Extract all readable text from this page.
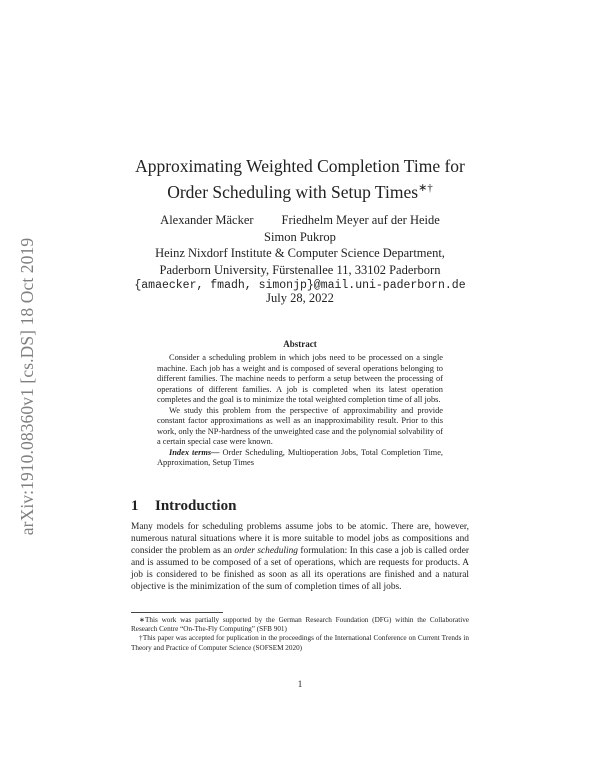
arXiv:1910.08360v1 [cs.DS] 18 Oct 2019
Approximating Weighted Completion Time for
Order Scheduling with Setup Times∗†
Alexander Mäcker Friedhelm Meyer auf der Heide
Simon Pukrop
Heinz Nixdorf Institute & Computer Science Department,
Paderborn University, Fürstenallee 11, 33102 Paderborn
{amaecker, fmadh, simonjp}@mail.uni-paderborn.de
July 28, 2022
Abstract

Consider a scheduling problem in which jobs need to be processed on a single machine. Each job has a weight and is composed of several operations belonging to different families. The machine needs to perform a setup between the processing of operations of different families. A job is completed when its latest operation completes and the goal is to minimize the total weighted completion time of all jobs.

We study this problem from the perspective of approximability and provide constant factor approximations as well as an inapproximability result. Prior to this work, only the NP-hardness of the unweighted case and the polynomial solvability of a certain special case were known.

Index terms— Order Scheduling, Multioperation Jobs, Total Completion Time, Approximation, Setup Times

1 Introduction

Many models for scheduling problems assume jobs to be atomic. There are, however, numerous natural situations where it is more suitable to model jobs as compositions and consider the problem as an order scheduling formulation: In this case a job is called order and is assumed to be composed of a set of operations, which are requests for products. A job is considered to be finished as soon as all its operations are finished and a natural objective is the minimization of the sum of completion times of all jobs.

∗This work was partially supported by the German Research Foundation (DFG) within the Collaborative Research Centre “On-The-Fly Computing” (SFB 901)

†This paper was accepted for puplication in the proceedings of the International Conference on Current Trends in Theory and Practice of Computer Science (SOFSEM 2020)

1
